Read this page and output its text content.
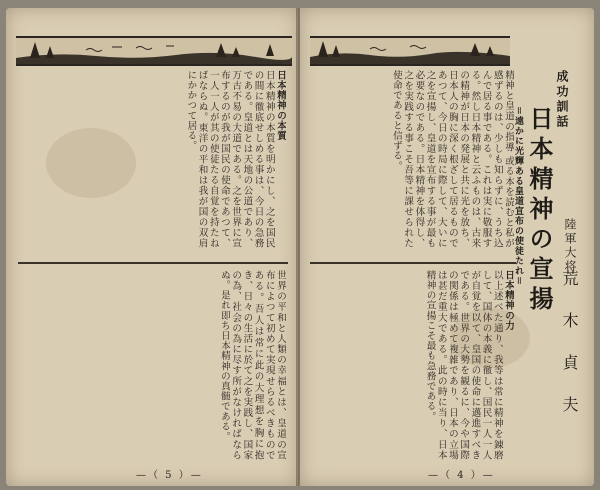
日本精神の本質
日本精神の本質を明かにし、之を国民の間に徹底せしめる事は、今日の急務である。皇道とは天地の公道であり、万古不易の大道である。之を世界に宣布するのが我が国民の使命であつて、一人一人が其の使徒たる自覚を持たねばならぬ。東洋の平和は我が国の双肩にかかつて居る。
世界の平和と人類の幸福とは、皇道の宣布によつて初めて実現せらるべきものである。吾人は常に此の大理想を胸に抱き、日々の生活に於て之を実践し、国家の為、社会の為に尽す所がなければならぬ。是れ即ち日本精神の真髄である。
—（ 5 ）—
精神と皇道の指導 或る本を読むと私が感ずるのは、少しも知らずに、うち込んで居る事である。これは実に敬服する。然し日本精神と云ふものは、古来の精神が日本の発展と共に光を放ち、日本人の胸に深く根ざして居るものであつて、今日の時局に際して、大いに之を宣揚し、皇道を宣布する事が最も必要なのである。日本精神を体得し、之を実践する事こそ吾等に課せられた使命であると信ずる。
日本精神の力
以上述べた通り、我等は常に精神を錬磨して、国体の本義に徹し、国民一人一人が自覚を以て、皇国の使命に邁進すべきである。世界の大勢を観るに、今や国際の関係は極めて複雑であり、日本の立場は甚だ重大である。此の時に当り、日本精神の宣揚こそ最も急務である。
成功訓話
日本精神の宣揚
＝遠かに光輝ある皇道宣布の使徒たれ＝	陸軍大将
荒木貞夫
—（ 4 ）—
